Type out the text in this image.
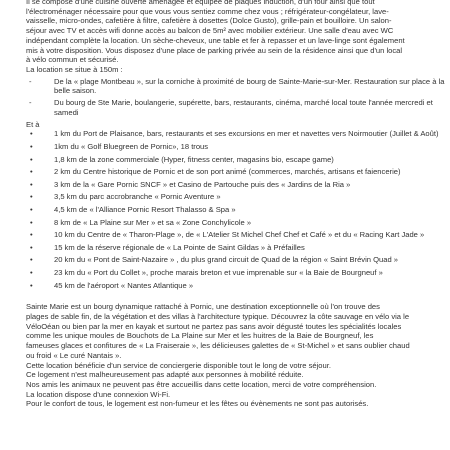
Il se compose d'une cuisine ouverte aménagée et équipée de plaques induction, d'un four ainsi que tout

l'électroménager nécessaire pour que vous vous sentiez comme chez vous ; réfrigérateur-congélateur, lave-

vaisselle, micro-ondes, cafetière à filtre, cafetière à dosettes (Dolce Gusto), grille-pain et bouilloire. Un salon-

séjour avec TV et accès wifi donne accès au balcon de 5m² avec mobilier extérieur. Une salle d'eau avec WC

indépendant complète la location. Un sèche-cheveux, une table et fer à repasser et un lave-linge sont également

mis à votre disposition. Vous disposez d'une place de parking privée au sein de la résidence ainsi que d'un local

à vélo commun et sécurisé.

La location se situe à 150m :

-	De la « plage Montbeau », sur la corniche à proximité de bourg de Sainte-Marie-sur-Mer. Restauration sur place à la belle saison.
-	Du bourg de Ste Marie, boulangerie, supérette, bars, restaurants, cinéma, marché local toute l'année mercredi et samedi

Et à

•	1 km du Port de Plaisance, bars, restaurants et ses excursions en mer et navettes vers Noirmoutier (Juillet & Août)
•	1km du « Golf Bluegreen de Pornic», 18 trous
•	1,8 km de la zone commerciale (Hyper, fitness center, magasins bio, escape game)
•	2 km du Centre historique de Pornic et de son port animé (commerces, marchés, artisans et faiencerie)
•	3 km de la « Gare Pornic SNCF » et Casino de Partouche puis des « Jardins de la Ria »
•	3,5 km du parc accrobranche « Pornic Aventure »
•	4,5 km de « l'Alliance Pornic Resort Thalasso & Spa »
•	8 km de « La Plaine sur Mer » et sa « Zone Conchylicole »
•	10 km du Centre de « Tharon-Plage », de « L'Atelier St Michel Chef Chef et Café » et du « Racing Kart Jade »
•	15 km de la réserve régionale de « La Pointe de Saint Gildas » à Préfailles
•	20 km du « Pont de Saint-Nazaire » , du plus grand circuit de Quad de la région « Saint Brévin Quad »
•	23 km du « Port du Collet », proche marais breton et vue imprenable sur « la Baie de Bourgneuf »
•	45 km de l'aéroport « Nantes Atlantique »

Sainte Marie est un bourg dynamique rattaché à Pornic, une destination exceptionnelle où l'on trouve des

plages de sable fin, de la végétation et des villas à l'architecture typique. Découvrez la côte sauvage en vélo via le

VéloOéan ou bien par la mer en kayak et surtout ne partez pas sans avoir dégusté toutes les spécialités locales

comme les unique moules de Bouchots de La Plaine sur Mer et les huitres de la Baie de Bourgneuf, les

fameuses glaces et confitures de « La Fraiseraie », les délicieuses galettes de « St-Michel » et sans oublier chaud

ou froid « Le curé Nantais ».

Cette location bénéficie d'un service de conciergerie disponible tout le long de votre séjour.

Ce logement n'est malheureusement pas adapté aux personnes à mobilité réduite.

Nos amis les animaux ne peuvent pas être accueillis dans cette location, merci de votre compréhension.

La location dispose d'une connexion Wi-Fi.

Pour le confort de tous, le logement est non-fumeur et les fêtes ou évènements ne sont pas autorisés.
